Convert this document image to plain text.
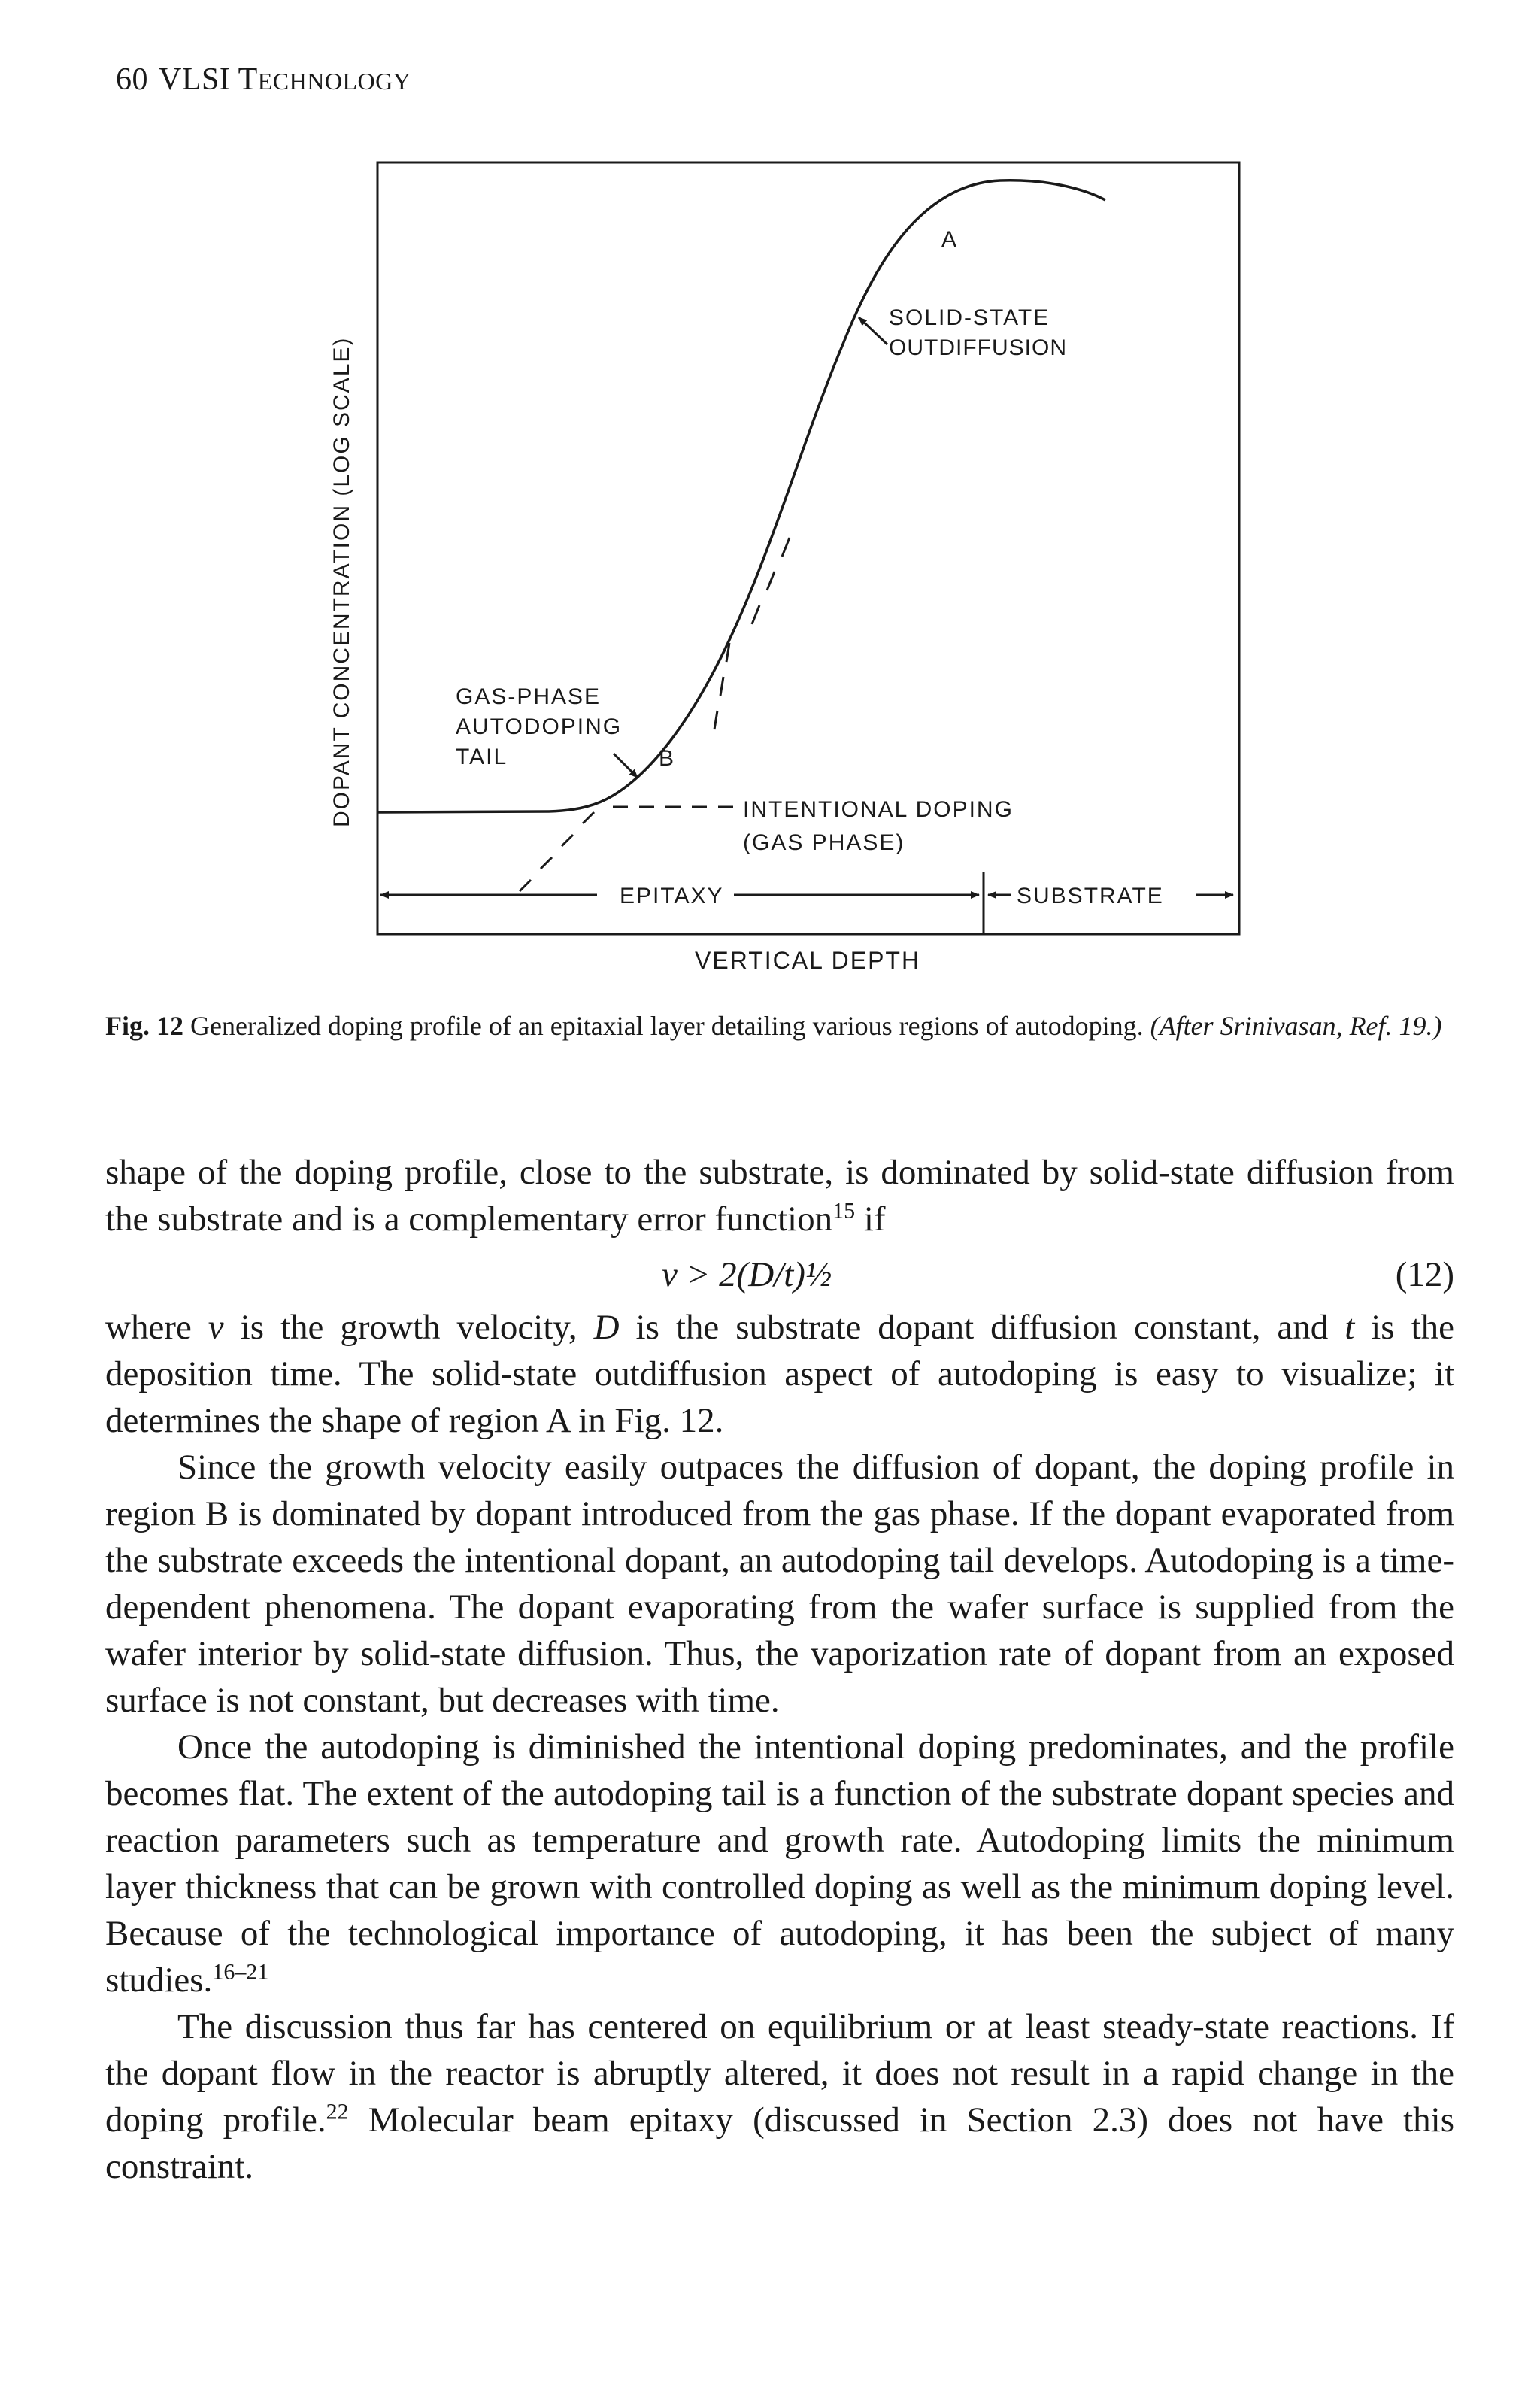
60 VLSI TECHNOLOGY
DOPANT CONCENTRATION (LOG SCALE)
A
SOLID-STATE
OUTDIFFUSION
GAS-PHASE
AUTODOPING
TAIL	B
INTENTIONAL DOPING
(GAS PHASE)
EPITAXY	SUBSTRATE
VERTICAL DEPTH
Fig. 12 Generalized doping profile of an epitaxial layer detailing various regions of autodoping. (After Srinivasan, Ref. 19.)

shape of the doping profile, close to the substrate, is dominated by solid-state diffusion from the substrate and is a complementary error function$^{15}$ if

v > 2(D/t)½	(12)

where v is the growth velocity, D is the substrate dopant diffusion constant, and t is the deposition time. The solid-state outdiffusion aspect of autodoping is easy to visualize; it determines the shape of region A in Fig. 12.

Since the growth velocity easily outpaces the diffusion of dopant, the doping profile in region B is dominated by dopant introduced from the gas phase. If the dopant evaporated from the substrate exceeds the intentional dopant, an autodoping tail develops. Autodoping is a time-dependent phenomena. The dopant evaporating from the wafer surface is supplied from the wafer interior by solid-state diffusion. Thus, the vaporization rate of dopant from an exposed surface is not constant, but decreases with time.

Once the autodoping is diminished the intentional doping predominates, and the profile becomes flat. The extent of the autodoping tail is a function of the substrate dopant species and reaction parameters such as temperature and growth rate. Autodoping limits the minimum layer thickness that can be grown with controlled doping as well as the minimum doping level. Because of the technological importance of autodoping, it has been the subject of many studies.$^{16-21}$

The discussion thus far has centered on equilibrium or at least steady-state reactions. If the dopant flow in the reactor is abruptly altered, it does not result in a rapid change in the doping profile.$^{22}$ Molecular beam epitaxy (discussed in Section 2.3) does not have this constraint.
